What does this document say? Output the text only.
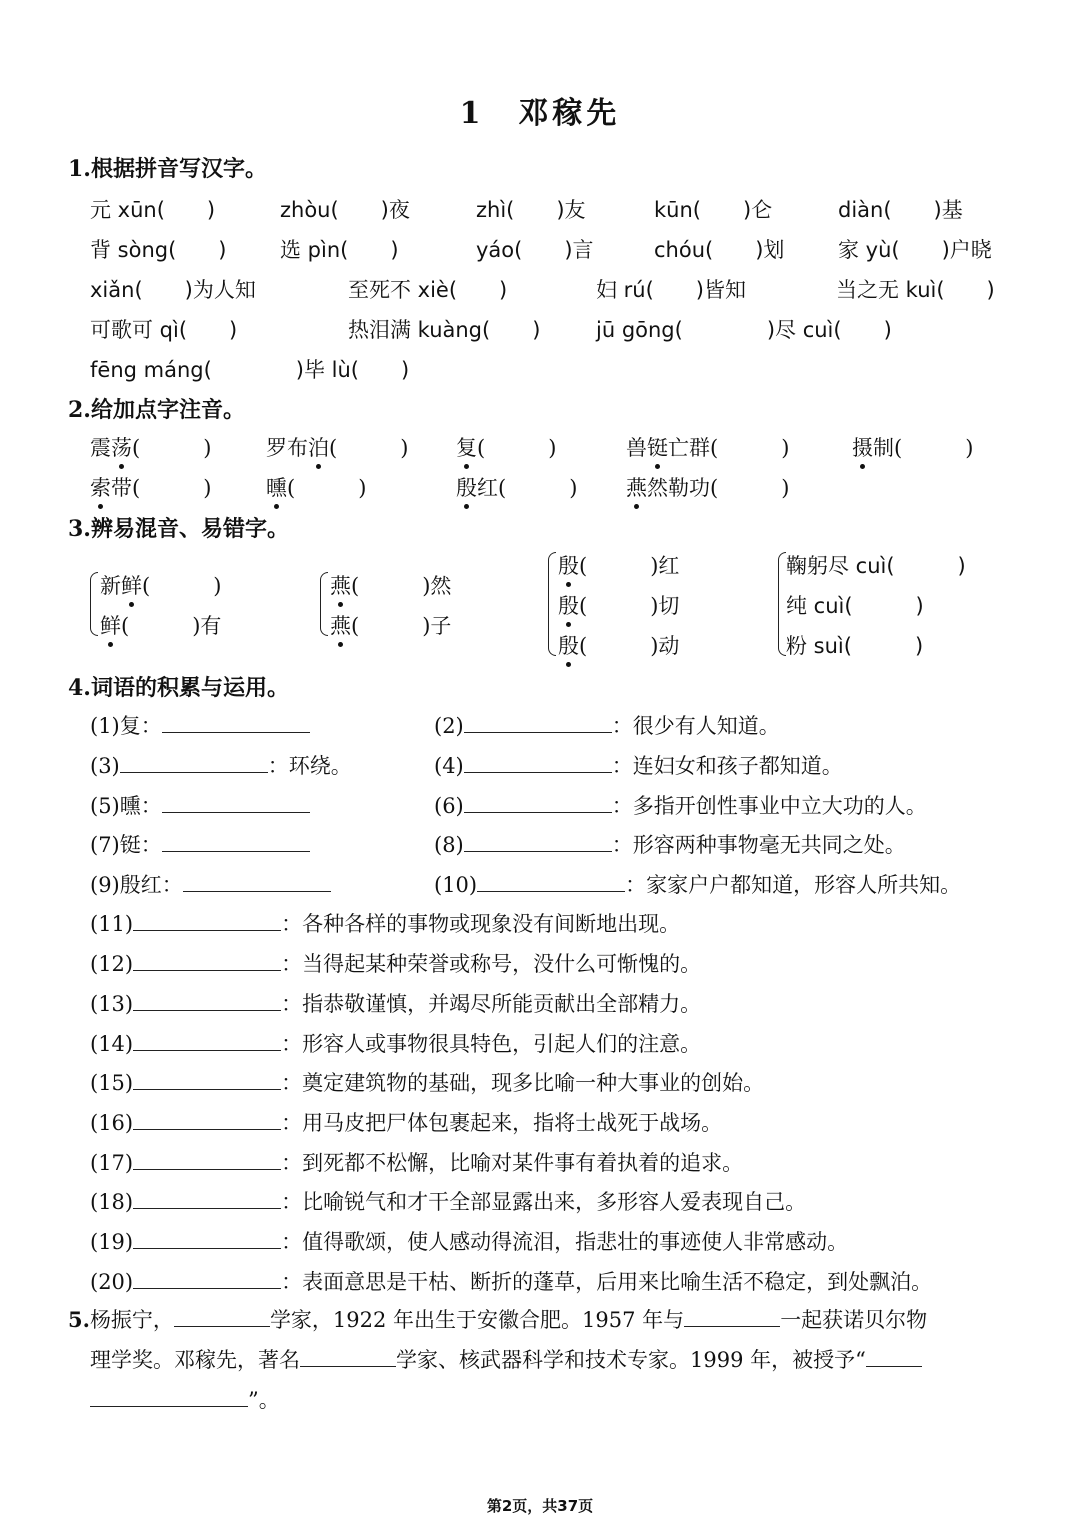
1　邓稼先
1.根据拼音写汉字。
元 xūn(　　)	zhòu(　　)夜	zhì(　　)友	kūn(　　)仑	diàn(　　)基
背 sòng(　　)	选 pìn(　　)	yáo(　　)言	chóu(　　)划	家 yù(　　)户晓
xiǎn(　　)为人知	至死不 xiè(　　)	妇 rú(　　)皆知	当之无 kuì(　　)
可歌可 qì(　　)	热泪满 kuàng(　　)	jū gōng(　　　　)尽 cuì(　　)
fēng máng(　　　　)毕 lù(　　)
2.给加点字注音。
震荡(　　　)	罗布泊(　　　) 复(　　　)	兽铤亡群(　　　)	摄制(　　　)
索带(　　　)	曛(　　　)	殷红(　　　) 燕然勒功(　　　)
3.辨易混音、易错字。
新鲜(　　　)
鲜(　　　)有
燕(　　　)然
燕(　　　)子
殷(　　　)红
殷(　　　)切
殷(　　　)动
鞠躬尽 cuì(　　　)
纯 cuì(　　　)
粉 suì(　　　)
4.词语的积累与运用。
(1)复：	(2)	：很少有人知道。
(3)	：环绕。	(4)	：连妇女和孩子都知道。
(5)曛：	(6)	：多指开创性事业中立大功的人。
(7)铤：	(8)	：形容两种事物毫无共同之处。
(9)殷红：	(10)	：家家户户都知道，形容人所共知。
(11)	：各种各样的事物或现象没有间断地出现。
(12)	：当得起某种荣誉或称号，没什么可惭愧的。
(13)	：指恭敬谨慎，并竭尽所能贡献出全部精力。
(14)	：形容人或事物很具特色，引起人们的注意。
(15)	：奠定建筑物的基础，现多比喻一种大事业的创始。
(16)	：用马皮把尸体包裹起来，指将士战死于战场。
(17)	：到死都不松懈，比喻对某件事有着执着的追求。
(18)	：比喻锐气和才干全部显露出来，多形容人爱表现自己。
(19)	：值得歌颂，使人感动得流泪，指悲壮的事迹使人非常感动。
(20)	：表面意思是干枯、断折的蓬草，后用来比喻生活不稳定，到处飘泊。
5.杨振宁，	学家，1922 年出生于安徽合肥。1957 年与	一起获诺贝尔物
理学奖。邓稼先，著名	学家、核武器科学和技术专家。1999 年，被授予“
”。
第2页，共37页
